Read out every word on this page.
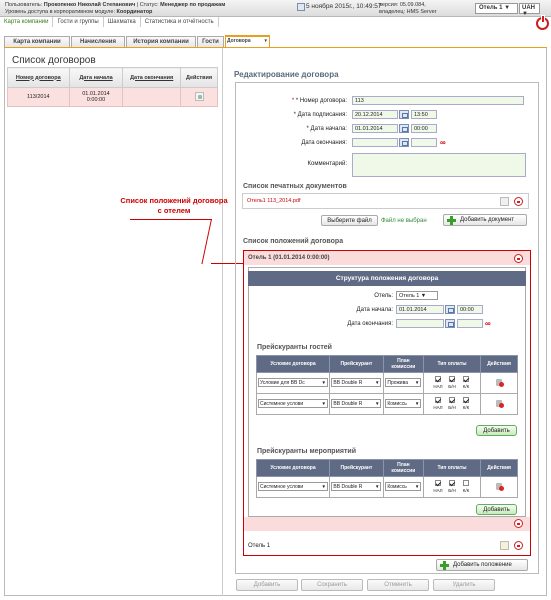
Пользователь: Прокопенко Николай Степанович | Статус: Менеджер по продажам
Уровень доступа в корпоративном модуле: Координатор
5 ноября 2015г., 10:49:57
версия: 05.09.084,
владелец: HMS Server
Отель 1 ▼	UAH ▼
Карта компании Гости и группы Шахматка Статистика и отчётность
Карта компании	Начисления	История компании	Гости	Договора ▼
Список договоров
Номер договора	Дата начала	Дата окончания	Действия
113/2014	01.01.2014
0:00:00		

Список положений договора с отелем
Редактирование договора
* * Номер договора:	113
* Дата подписания:	20.12.2014	13:50
* Дата начала:	01.01.2014	00:00
Дата окончания:	∞
Комментарий:
Список печатных документов
Отель1 113_2014.pdf
Выберите файл	Файл не выбран	Добавить документ
Список положений договора
Отель 1 (01.01.2014 0:00:00)
Структура положения договора
Отель:	Отель 1 ▼
Дата начала:	01.01.2014	00:00
Дата окончания:	∞
Прейскуранты гостей
Условие договора	Прейскурант	План комиссии	Тип оплаты	Действия
Условие для BB Dc ▼	BB Double R ▼	Прожива ▼	НАЛ Б/Н К/К	
Системное услови ▼	BB Double R ▼	Комиссь ▼	НАЛ Б/Н К/К	
Добавить
Прейскуранты мероприятий
Условие договора	Прейскурант	План комиссии	Тип оплаты	Действия
Системное услови ▼	BB Double R ▼	Комиссь ▼	НАЛ Б/Н К/К	
Добавить
Отель 1
Добавить положение
Добавить	Сохранить	Отменить	Удалить
